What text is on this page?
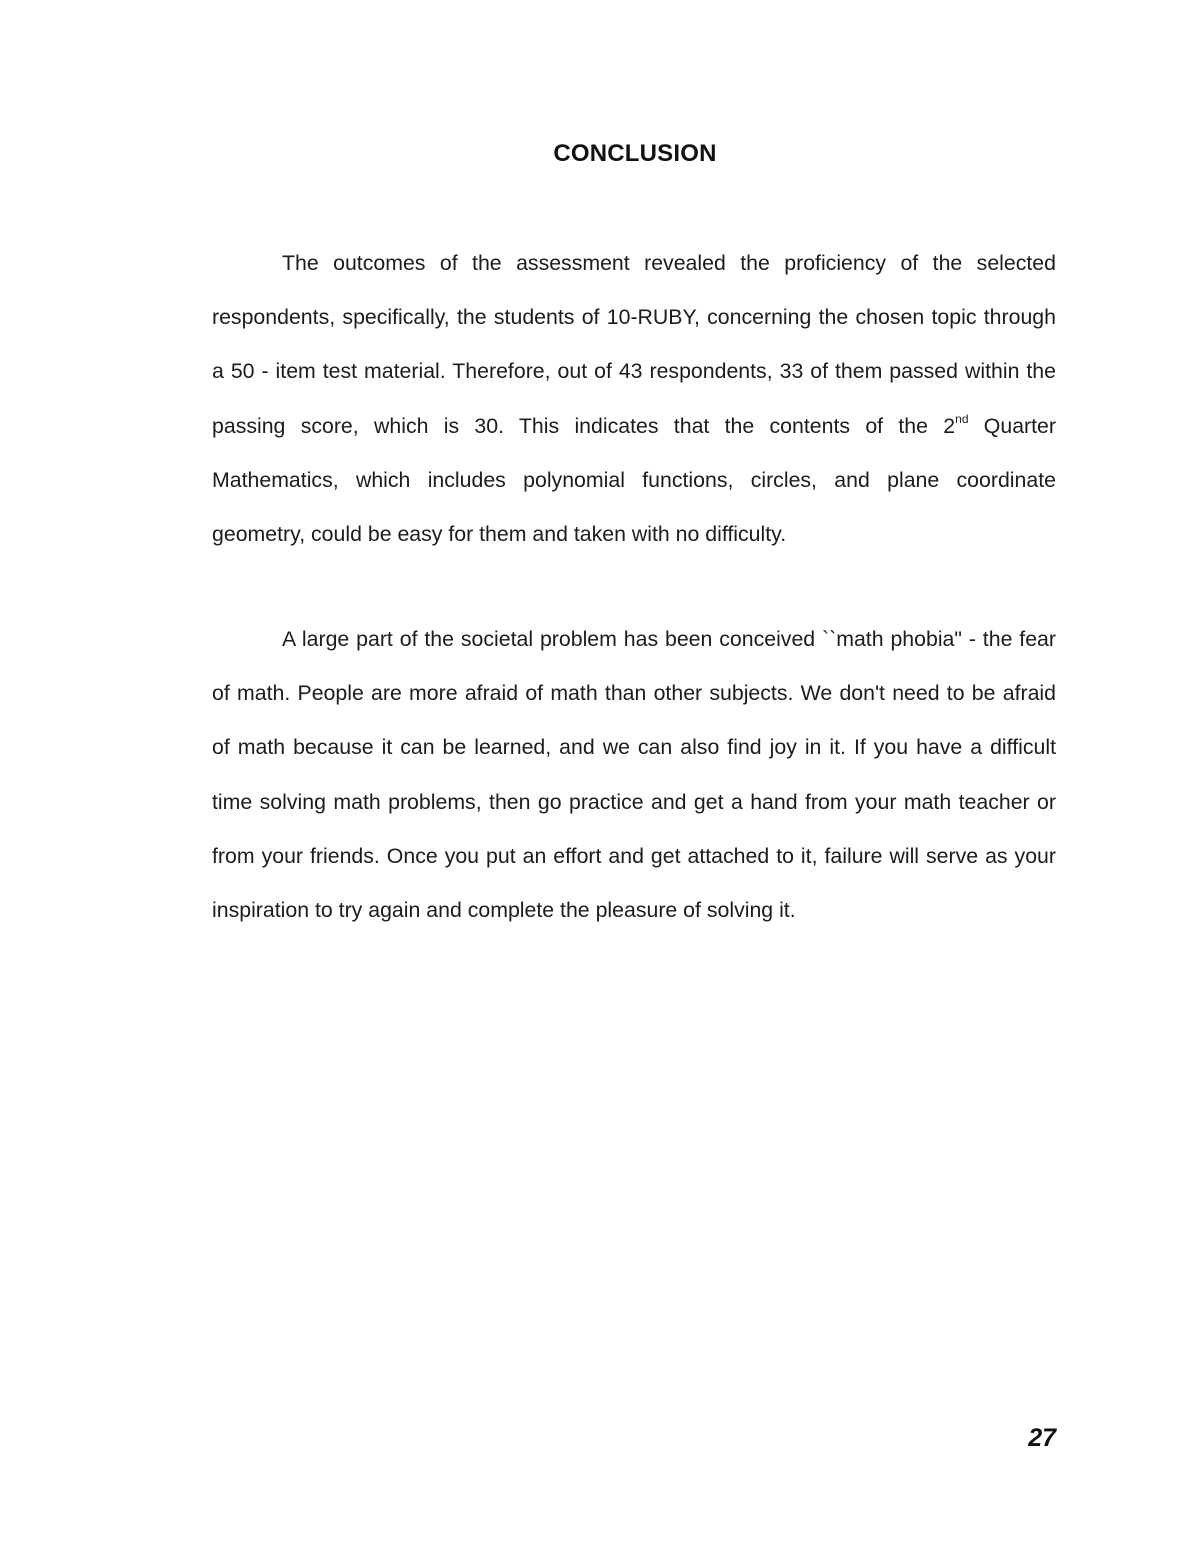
CONCLUSION

The outcomes of the assessment revealed the proficiency of the selected respondents, specifically, the students of 10-RUBY, concerning the chosen topic through a 50 - item test material. Therefore, out of 43 respondents, 33 of them passed within the passing score, which is 30. This indicates that the contents of the 2nd Quarter Mathematics, which includes polynomial functions, circles, and plane coordinate geometry, could be easy for them and taken with no difficulty.

A large part of the societal problem has been conceived ``math phobia" - the fear of math. People are more afraid of math than other subjects. We don't need to be afraid of math because it can be learned, and we can also find joy in it. If you have a difficult time solving math problems, then go practice and get a hand from your math teacher or from your friends. Once you put an effort and get attached to it, failure will serve as your inspiration to try again and complete the pleasure of solving it.

27
